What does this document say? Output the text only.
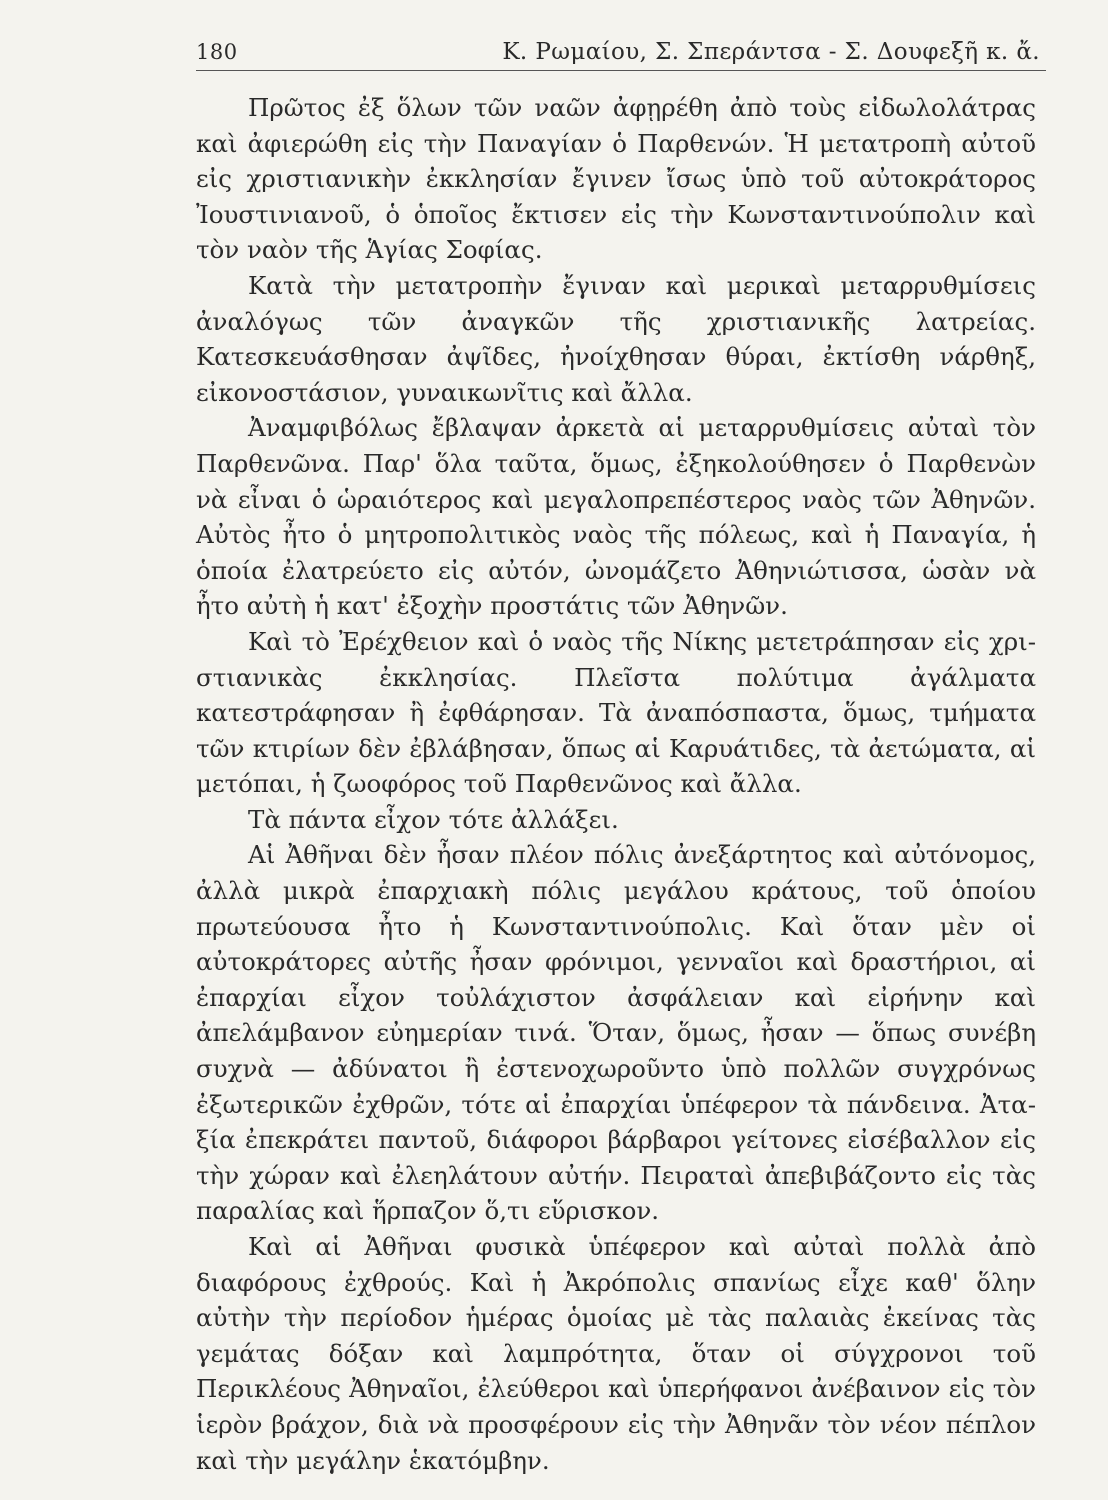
180	Κ. Ρωμαίου, Σ. Σπεράντσα - Σ. Δουφεξῆ κ. ἄ.

Πρῶτος ἐξ ὅλων τῶν ναῶν ἀφῃρέθη ἀπὸ τοὺς εἰδωλολάτρας καὶ ἀφιερώθη εἰς τὴν Παναγίαν ὁ Παρθενών. Ἡ μετατροπὴ αὐτοῦ εἰς χριστιανικὴν ἐκκλησίαν ἔγινεν ἴσως ὑπὸ τοῦ αὐτοκράτορος Ἰουστινιανοῦ, ὁ ὁποῖος ἔκτισεν εἰς τὴν Κωνσταντινούπολιν καὶ τὸν ναὸν τῆς Ἁγίας Σοφίας.

Κατὰ τὴν μετατροπὴν ἔγιναν καὶ μερικαὶ μεταρρυθμίσεις ἀναλόγως τῶν ἀναγκῶν τῆς χριστιανικῆς λατρείας. Κατεσκευάσθησαν ἀψῖδες, ἠνοίχθησαν θύραι, ἐκτίσθη νάρθηξ, εἰκονοστάσιον, γυναικωνῖτις καὶ ἄλλα.

Ἀναμφιβόλως ἔβλαψαν ἀρκετὰ αἱ μεταρρυθμίσεις αὐταὶ τὸν Παρθενῶνα. Παρ' ὅλα ταῦτα, ὅμως, ἐξηκολούθησεν ὁ Παρθενὼν νὰ εἶναι ὁ ὡραιότερος καὶ μεγαλοπρεπέστερος ναὸς τῶν Ἀθηνῶν. Αὐτὸς ἦτο ὁ μητροπολιτικὸς ναὸς τῆς πόλεως, καὶ ἡ Παναγία, ἡ ὁποία ἐλατρεύετο εἰς αὐτόν, ὠνομάζετο Ἀθηνιώτισσα, ὡσὰν νὰ ἦτο αὐτὴ ἡ κατ' ἐξοχὴν προστάτις τῶν Ἀθηνῶν.

Καὶ τὸ Ἐρέχθειον καὶ ὁ ναὸς τῆς Νίκης μετετράπησαν εἰς χριστιανικὰς ἐκκλησίας. Πλεῖστα πολύτιμα ἀγάλματα κατεστράφησαν ἢ ἐφθάρησαν. Τὰ ἀναπόσπαστα, ὅμως, τμήματα τῶν κτιρίων δὲν ἐβλάβησαν, ὅπως αἱ Καρυάτιδες, τὰ ἀετώματα, αἱ μετόπαι, ἡ ζωοφόρος τοῦ Παρθενῶνος καὶ ἄλλα.

Τὰ πάντα εἶχον τότε ἀλλάξει.

Αἱ Ἀθῆναι δὲν ἦσαν πλέον πόλις ἀνεξάρτητος καὶ αὐτόνομος, ἀλλὰ μικρὰ ἐπαρχιακὴ πόλις μεγάλου κράτους, τοῦ ὁποίου πρωτεύουσα ἦτο ἡ Κωνσταντινούπολις. Καὶ ὅταν μὲν οἱ αὐτοκράτορες αὐτῆς ἦσαν φρόνιμοι, γενναῖοι καὶ δραστήριοι, αἱ ἐπαρχίαι εἶχον τοὐλάχιστον ἀσφάλειαν καὶ εἰρήνην καὶ ἀπελάμβανον εὐημερίαν τινά. Ὅταν, ὅμως, ἦσαν — ὅπως συνέβη συχνὰ — ἀδύνατοι ἢ ἐστενοχωροῦντο ὑπὸ πολλῶν συγχρόνως ἐξωτερικῶν ἐχθρῶν, τότε αἱ ἐπαρχίαι ὑπέφερον τὰ πάνδεινα. Ἀταξία ἐπεκράτει παντοῦ, διάφοροι βάρβαροι γείτονες εἰσέβαλλον εἰς τὴν χώραν καὶ ἐλεηλάτουν αὐτήν. Πειραταὶ ἀπεβιβάζοντο εἰς τὰς παραλίας καὶ ἥρπαζον ὅ,τι εὕρισκον.

Καὶ αἱ Ἀθῆναι φυσικὰ ὑπέφερον καὶ αὐταὶ πολλὰ ἀπὸ διαφόρους ἐχθρούς. Καὶ ἡ Ἀκρόπολις σπανίως εἶχε καθ' ὅλην αὐτὴν τὴν περίοδον ἡμέρας ὁμοίας μὲ τὰς παλαιὰς ἐκείνας τὰς γεμάτας δόξαν καὶ λαμπρότητα, ὅταν οἱ σύγχρονοι τοῦ Περικλέους Ἀθηναῖοι, ἐλεύθεροι καὶ ὑπερήφανοι ἀνέβαινον εἰς τὸν ἱερὸν βράχον, διὰ νὰ προσφέρουν εἰς τὴν Ἀθηνᾶν τὸν νέον πέπλον καὶ τὴν μεγάλην ἑκατόμβην.
